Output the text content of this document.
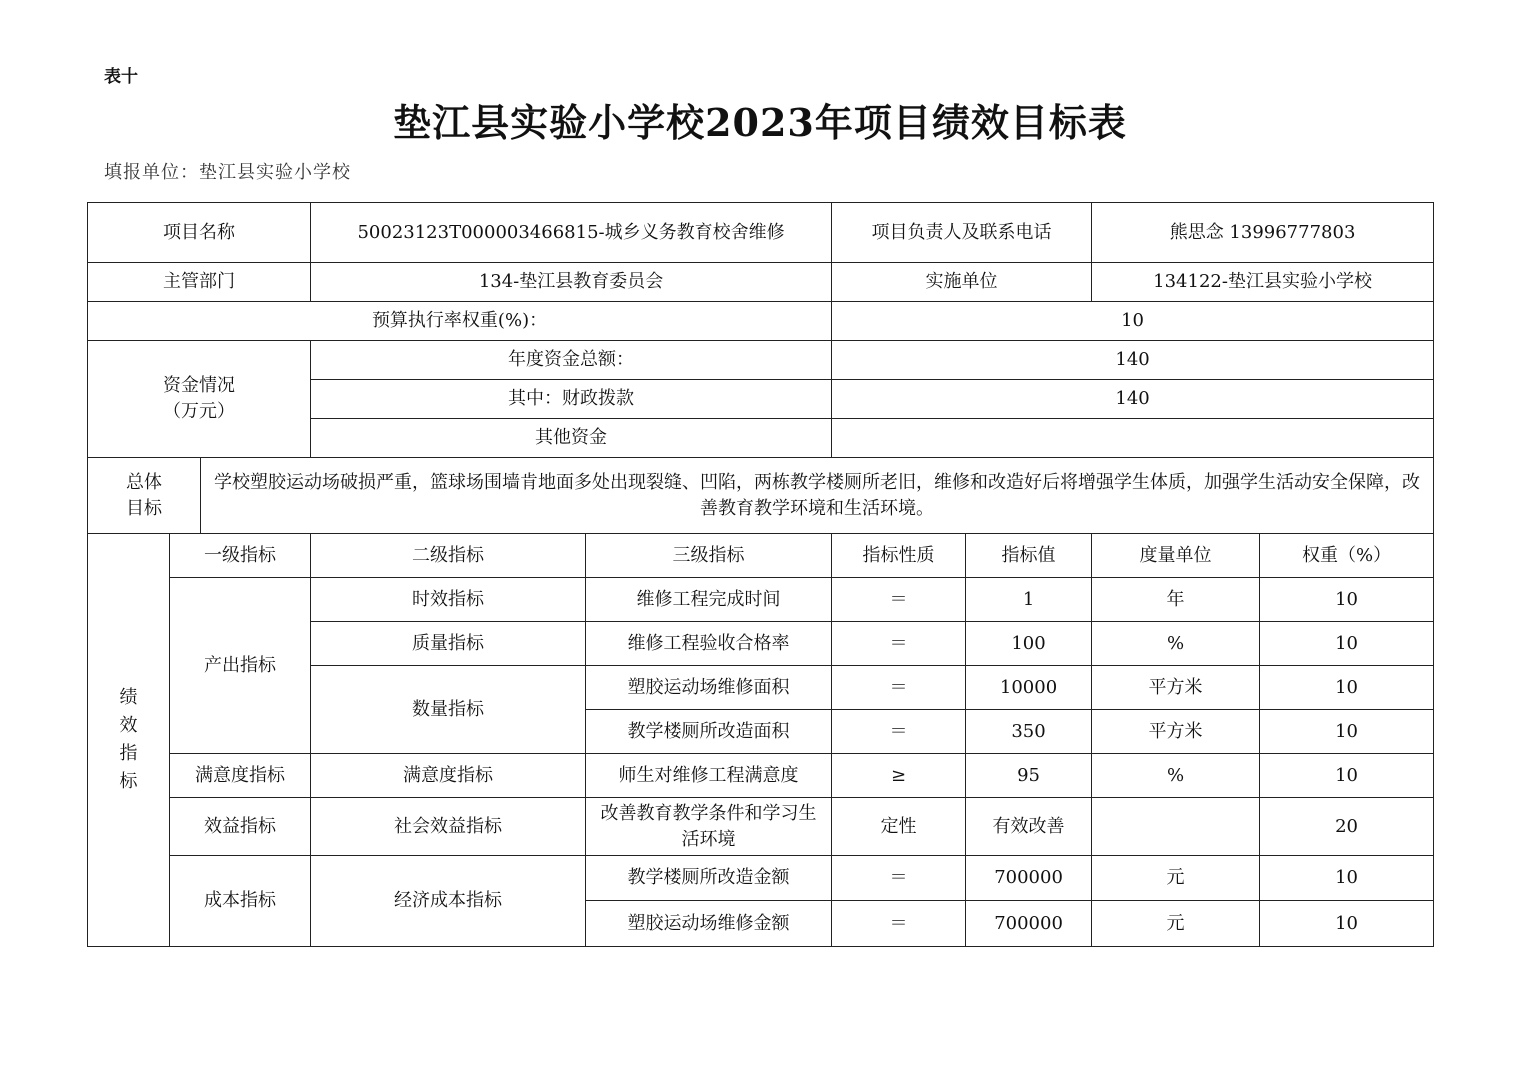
表十
垫江县实验小学校2023年项目绩效目标表
填报单位：垫江县实验小学校
项目名称			50023123T000003466815-城乡义务教育校舍维修		项目负责人及联系电话		熊思念 13996777803	
主管部门			134-垫江县教育委员会		实施单位		134122-垫江县实验小学校	
预算执行率权重(%)：					10			

资金情况
（万元）			年度资金总额：		140			
			其中：财政拨款		140			
			其他资金					

总体
目标		学校塑胶运动场破损严重，篮球场围墙肯地面多处出现裂缝、凹陷，两栋教学楼厕所老旧，维修和改造好后将增强学生体质，加强学生活动安全保障，改善教育教学环境和生活环境。						
绩效指标	一级指标		二级指标	三级指标	指标性质	指标值	度量单位	权重（%）
	产出指标		时效指标	维修工程完成时间	＝	1	年	10
			质量指标	维修工程验收合格率	＝	100	%	10
			数量指标	塑胶运动场维修面积	＝	10000	平方米	10
				教学楼厕所改造面积	＝	350	平方米	10
	满意度指标		满意度指标	师生对维修工程满意度	≥	95	%	10
	效益指标		社会效益指标	改善教育教学条件和学习生活环境	定性	有效改善		20
	成本指标		经济成本指标	教学楼厕所改造金额	＝	700000	元	10
				塑胶运动场维修金额	＝	700000	元	10
